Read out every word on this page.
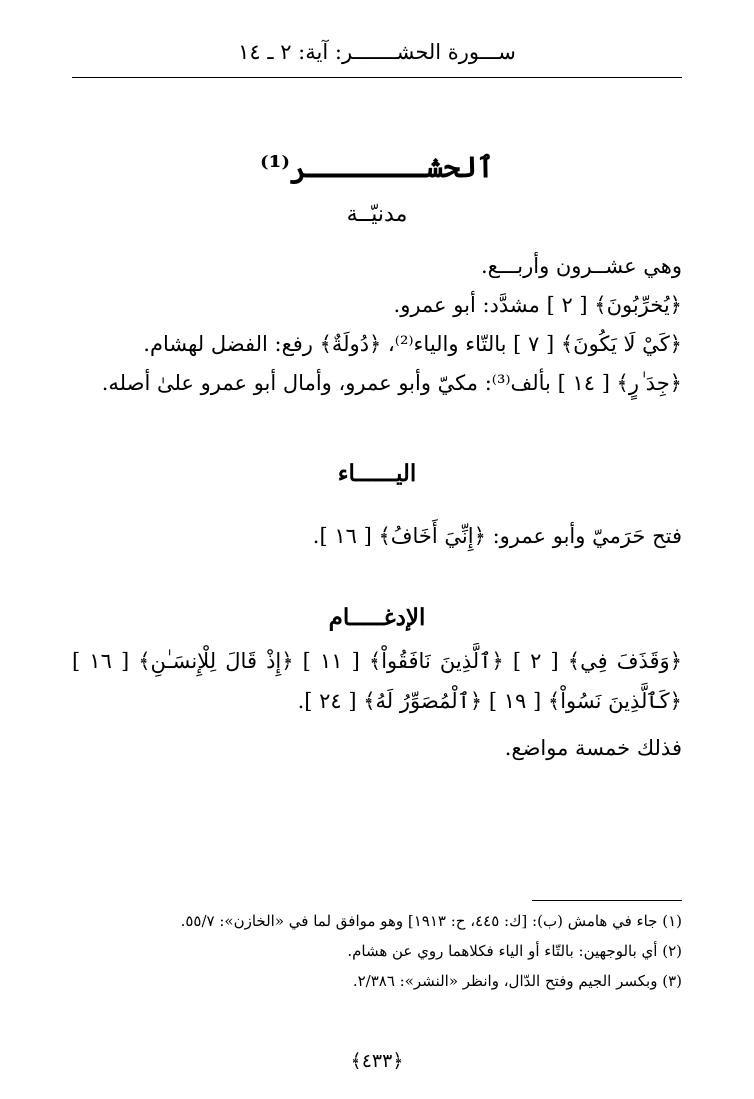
ســـورة الحشـــــــر: آية: ٢ ـ ١٤
ٱلحشـــــــر⁽¹⁾
مدنيّــة
وهي عشــرون وأربـــع.
﴿يُخرِّبُونَ﴾ [ ٢ ] مشدَّد: أبو عمرو.
﴿كَيْ لَا يَكُونَ﴾ [ ٧ ] بالتّاء والياء⁽²⁾، ﴿دُولَةٌ﴾ رفع: الفضل لهشام.
﴿جِدَ ٰرٍ﴾ [ ١٤ ] بألف⁽³⁾: مكيّ وأبو عمرو، وأمال أبو عمرو علىٰ أصله.
اليــــــاء
فتح حَرَميّ وأبو عمرو: ﴿إِنِّيَ أَخَافُ﴾ [ ١٦ ].
الإدغـــــام
﴿وَقَذَفَ فِي﴾ [ ٢ ] ﴿ٱلَّذِينَ نَافَقُواْ﴾ [ ١١ ] ﴿إِذْ قَالَ لِلْإِنسَـٰنِ﴾ [ ١٦ ]
﴿كَٱلَّذِينَ نَسُواْ﴾ [ ١٩ ] ﴿ٱلْمُصَوِّرُ لَهُ﴾ [ ٢٤ ].
فذلك خمسة مواضع.
(١) جاء في هامش (ب): [ك: ٤٤٥، ح: ١٩١٣] وهو موافق لما في «الخازن»: ٥٥/٧.
(٢) أي بالوجهين: بالتّاء أو الياء فكلاهما روي عن هشام.
(٣) وبكسر الجيم وفتح الدّال، وانظر «النشر»: ٢/٣٨٦.
﴿٤٣٣﴾
